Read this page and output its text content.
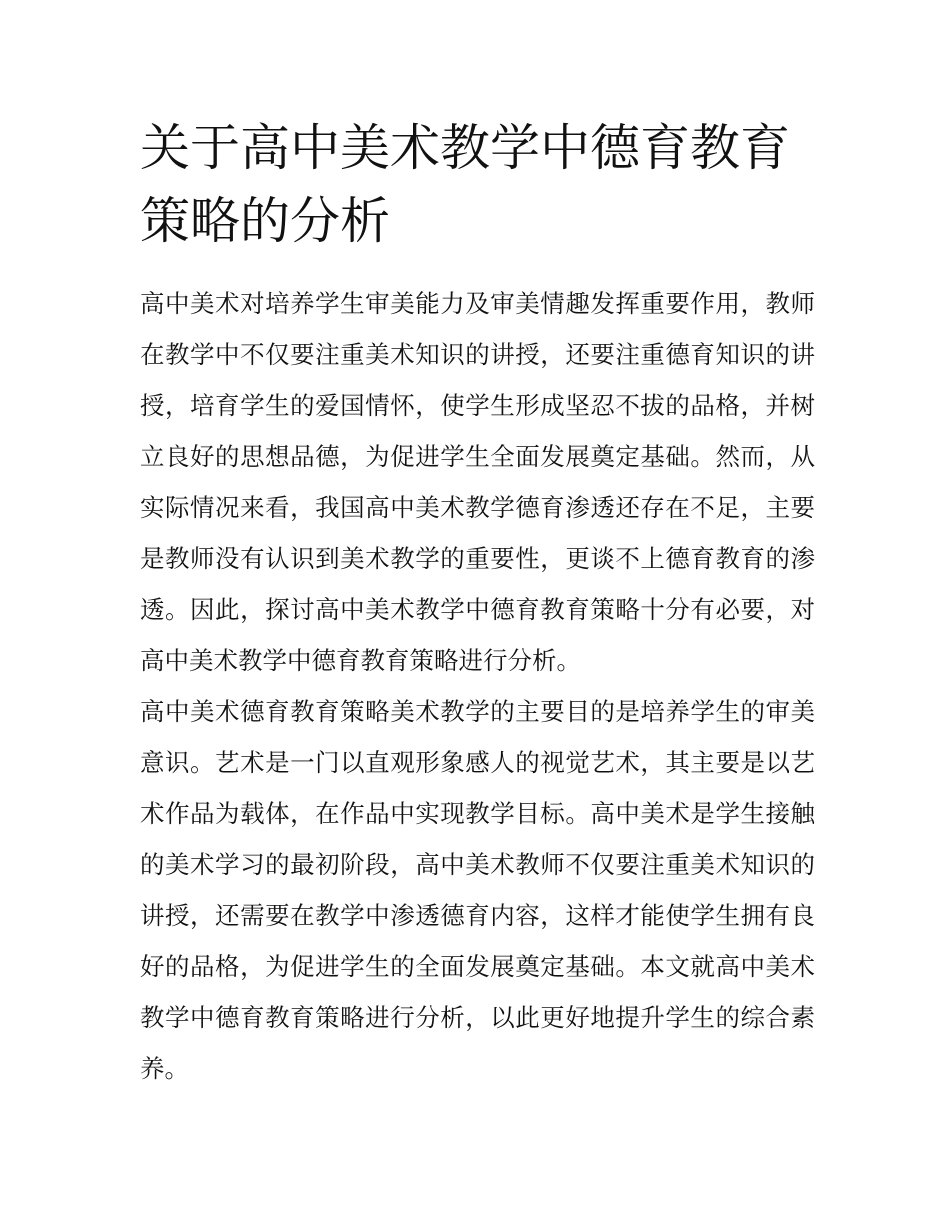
关于高中美术教学中德育教育策略的分析

高中美术对培养学生审美能力及审美情趣发挥重要作用，教师在教学中不仅要注重美术知识的讲授，还要注重德育知识的讲授，培育学生的爱国情怀，使学生形成坚忍不拔的品格，并树立良好的思想品德，为促进学生全面发展奠定基础。然而，从实际情况来看，我国高中美术教学德育渗透还存在不足，主要是教师没有认识到美术教学的重要性，更谈不上德育教育的渗透。因此，探讨高中美术教学中德育教育策略十分有必要，对高中美术教学中德育教育策略进行分析。

高中美术德育教育策略美术教学的主要目的是培养学生的审美意识。艺术是一门以直观形象感人的视觉艺术，其主要是以艺术作品为载体，在作品中实现教学目标。高中美术是学生接触的美术学习的最初阶段，高中美术教师不仅要注重美术知识的讲授，还需要在教学中渗透德育内容，这样才能使学生拥有良好的品格，为促进学生的全面发展奠定基础。本文就高中美术教学中德育教育策略进行分析，以此更好地提升学生的综合素养。
